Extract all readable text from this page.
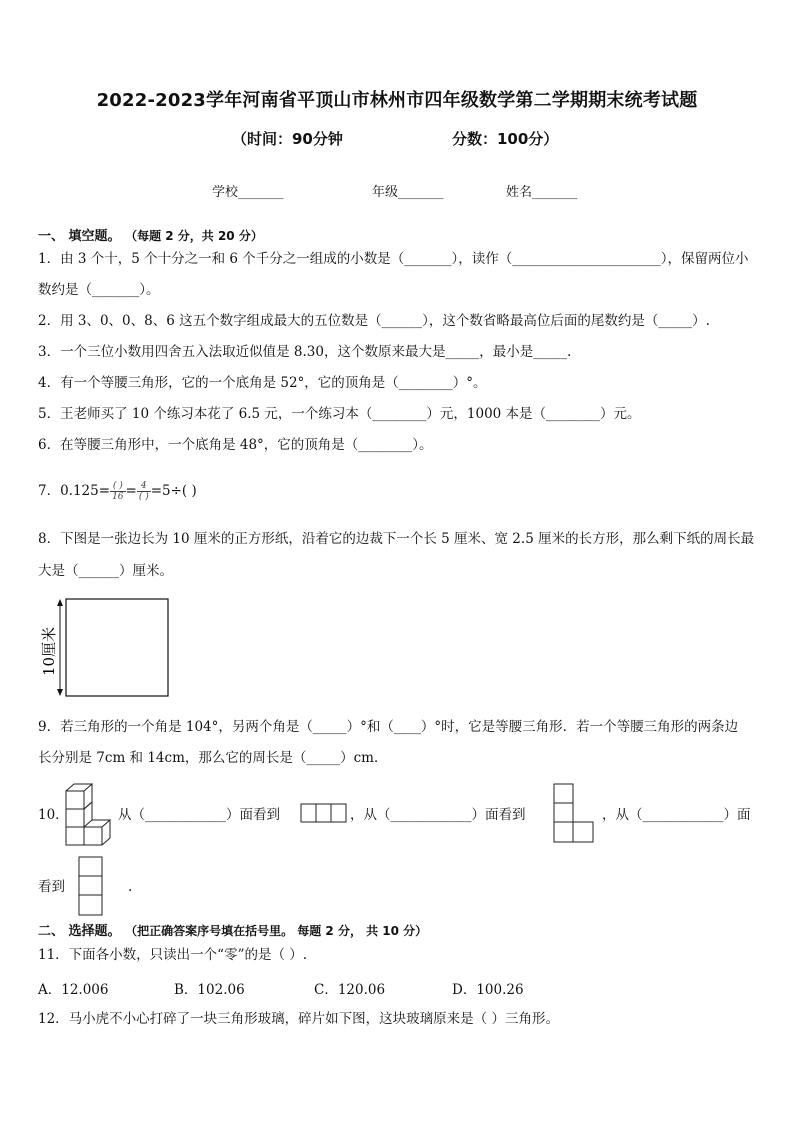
2022-2023学年河南省平顶山市林州市四年级数学第二学期期末统考试题
（时间：90分钟	分数：100分）
学校_______	年级_______	姓名_______
一、 填空题。 （每题 2 分，共 20 分）
1．由 3 个十，5 个十分之一和 6 个千分之一组成的小数是（_______），读作（______________________），保留两位小
数约是（_______）。
2．用 3、0、0、8、6 这五个数字组成最大的五位数是（______），这个数省略最高位后面的尾数约是（_____）.
3．一个三位小数用四舍五入法取近似值是 8.30，这个数原来最大是_____，最小是_____.
4．有一个等腰三角形，它的一个底角是 52°，它的顶角是（________）°。
5．王老师买了 10 个练习本花了 6.5 元，一个练习本（________）元，1000 本是（________）元。
6．在等腰三角形中，一个底角是 48°，它的顶角是（________）。
7．$0.125= \frac{( )}{16} = \frac{4}{( )} =5\div$( )
8．下图是一张边长为 10 厘米的正方形纸，沿着它的边裁下一个长 5 厘米、宽 2.5 厘米的长方形，那么剩下纸的周长最
大是（______）厘米。
10厘米
9．若三角形的一个角是 104°，另两个角是（_____）°和（____）°时，它是等腰三角形．若一个等腰三角形的两条边
长分别是 7cm 和 14cm，那么它的周长是（_____）cm．
10．	从（____________）面看到	，从（____________）面看到	，从（____________）面
看到	.
二、 选择题。 （把正确答案序号填在括号里。 每题 2 分， 共 10 分）
11．下面各小数，只读出一个“零”的是（ ）.
A．12.006	B．102.06	C．120.06	D．100.26
12．马小虎不小心打碎了一块三角形玻璃，碎片如下图，这块玻璃原来是（ ）三角形。
